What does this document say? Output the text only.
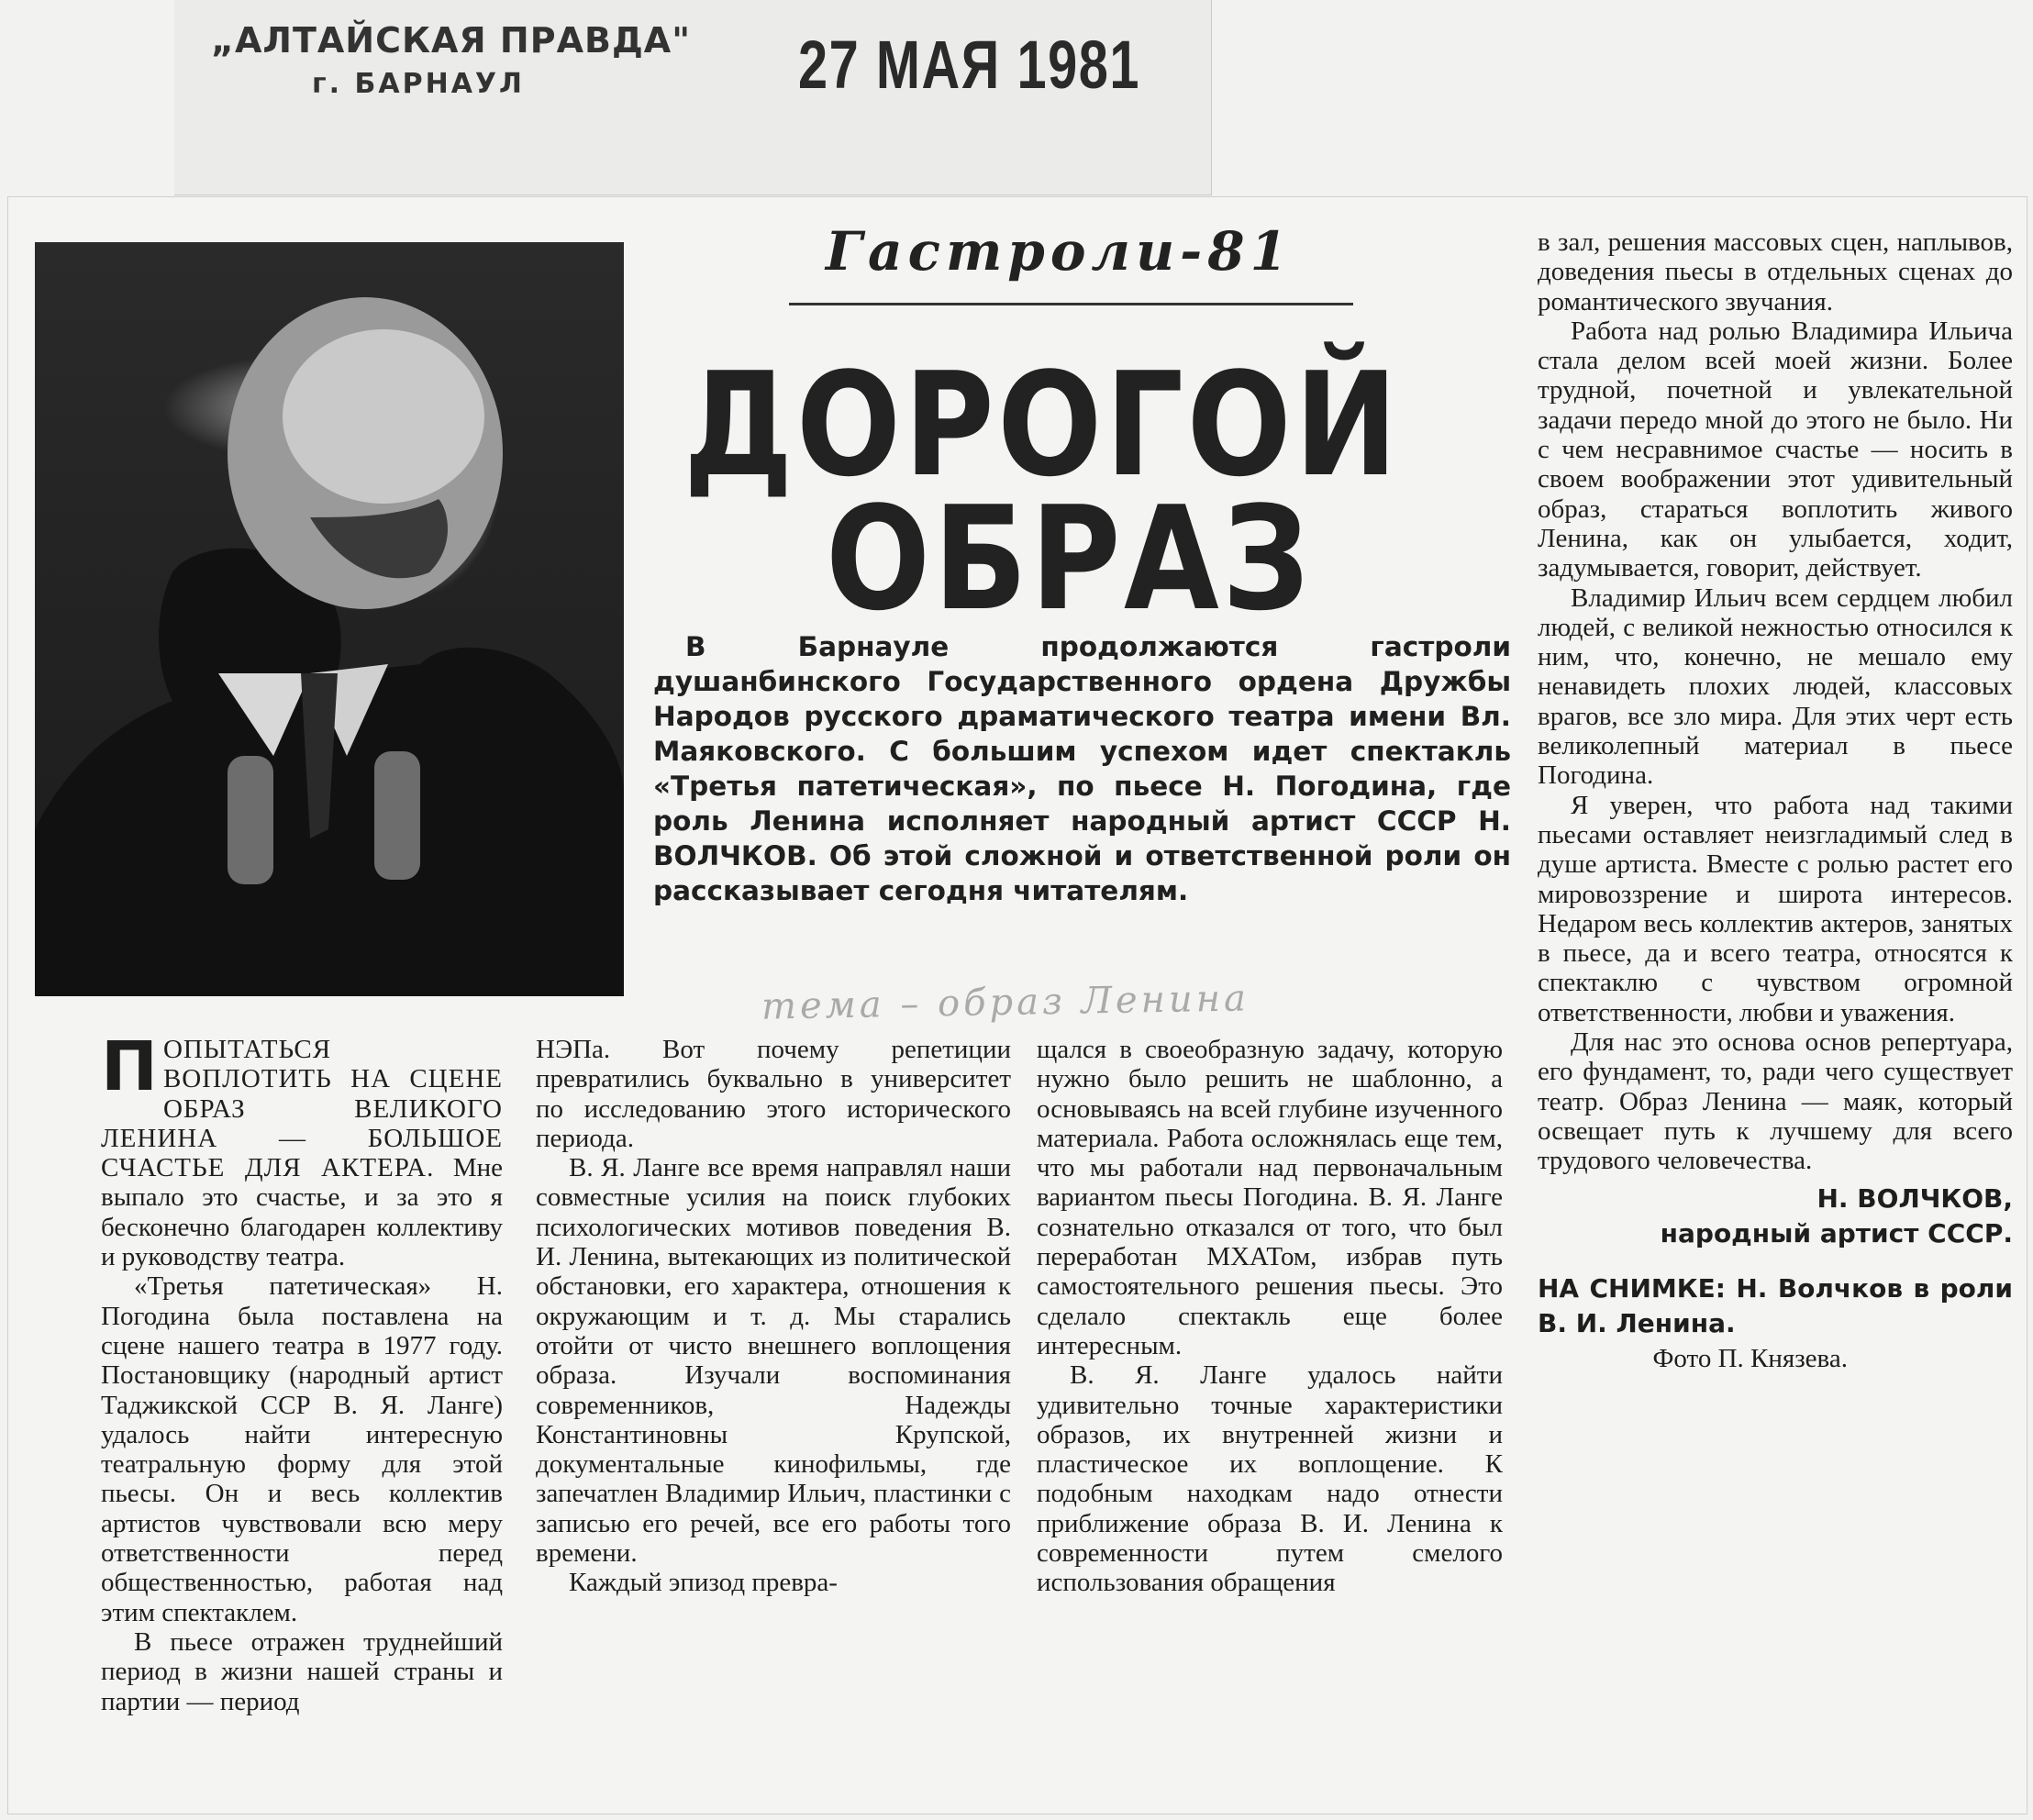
„АЛТАЙСКАЯ ПРАВДА"
г. БАРНАУЛ	27 МАЯ 1981
Гастроли-81
ДОРОГОЙ
ОБРАЗ
В Барнауле продолжаются гастроли душанбинского Государственного ордена Дружбы Народов русского драматического театра имени Вл. Маяковского. С большим успехом идет спектакль «Третья патетическая», по пьесе Н. Погодина, где роль Ленина исполняет народный артист СССР Н. ВОЛЧКОВ. Об этой сложной и ответственной роли он рассказывает сегодня читателям.
тема – образ Ленина

ПОПЫТАТЬСЯ ВОПЛОТИТЬ НА СЦЕНЕ ОБРАЗ ВЕЛИКОГО ЛЕНИНА — БОЛЬШОЕ СЧАСТЬЕ ДЛЯ АКТЕРА. Мне выпало это счастье, и за это я бесконечно благодарен коллективу и руководству театра.

«Третья патетическая» Н. Погодина была поставлена на сцене нашего театра в 1977 году. Постановщику (народный артист Таджикской ССР В. Я. Ланге) удалось найти интересную театральную форму для этой пьесы. Он и весь коллектив артистов чувствовали всю меру ответственности перед общественностью, работая над этим спектаклем.

В пьесе отражен труднейший период в жизни нашей страны и партии — период

НЭПа. Вот почему репетиции превратились буквально в университет по исследованию этого исторического периода.

В. Я. Ланге все время направлял наши совместные усилия на поиск глубоких психологических мотивов поведения В. И. Ленина, вытекающих из политической обстановки, его характера, отношения к окружающим и т. д. Мы старались отойти от чисто внешнего воплощения образа. Изучали воспоминания современников, Надежды Константиновны Крупской, документальные кинофильмы, где запечатлен Владимир Ильич, пластинки с записью его речей, все его работы того времени.

Каждый эпизод превра-

щался в своеобразную задачу, которую нужно было решить не шаблонно, а основываясь на всей глубине изученного материала. Работа осложнялась еще тем, что мы работали над первоначальным вариантом пьесы Погодина. В. Я. Ланге сознательно отказался от того, что был переработан МХАТом, избрав путь самостоятельного решения пьесы. Это сделало спектакль еще более интересным.

В. Я. Ланге удалось найти удивительно точные характеристики образов, их внутренней жизни и пластическое их воплощение. К подобным находкам надо отнести приближение образа В. И. Ленина к современности путем смелого использования обращения

в зал, решения массовых сцен, наплывов, доведения пьесы в отдельных сценах до романтического звучания.

Работа над ролью Владимира Ильича стала делом всей моей жизни. Более трудной, почетной и увлекательной задачи передо мной до этого не было. Ни с чем несравнимое счастье — носить в своем воображении этот удивительный образ, стараться воплотить живого Ленина, как он улыбается, ходит, задумывается, говорит, действует.

Владимир Ильич всем сердцем любил людей, с великой нежностью относился к ним, что, конечно, не мешало ему ненавидеть плохих людей, классовых врагов, все зло мира. Для этих черт есть великолепный материал в пьесе Погодина.

Я уверен, что работа над такими пьесами оставляет неизгладимый след в душе артиста. Вместе с ролью растет его мировоззрение и широта интересов. Недаром весь коллектив актеров, занятых в пьесе, да и всего театра, относятся к спектаклю с чувством огромной ответственности, любви и уважения.

Для нас это основа основ репертуара, его фундамент, то, ради чего существует театр. Образ Ленина — маяк, который освещает путь к лучшему для всего трудового человечества.

Н. ВОЛЧКОВ,
народный артист СССР.
НА СНИМКЕ: Н. Волчков в роли В. И. Ленина.
Фото П. Князева.
